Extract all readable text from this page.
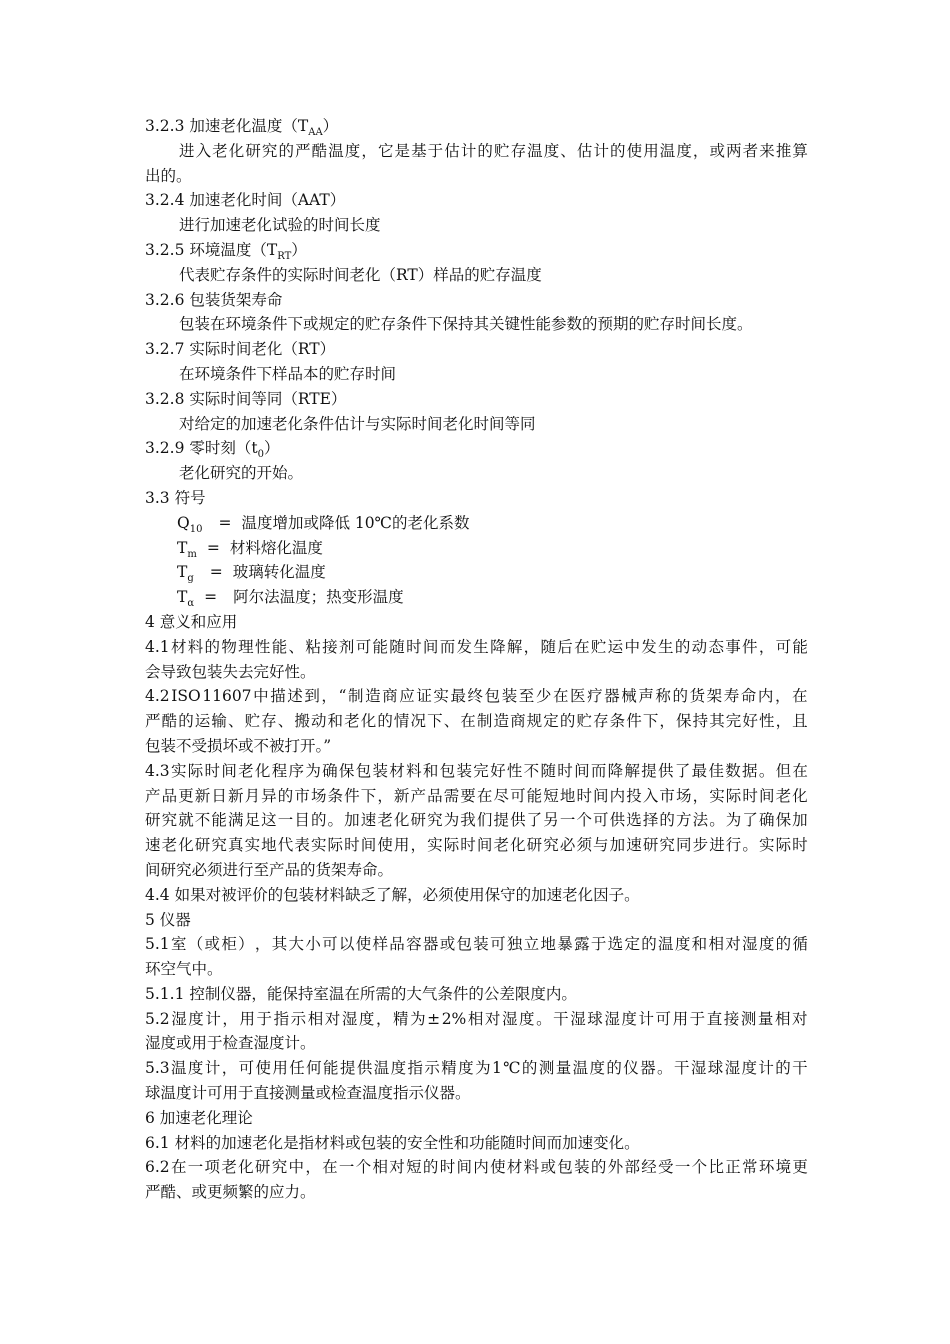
3.2.3 加速老化温度$(T_{AA})$
进 入 老 化 研 究 的 严 酷 温 度 ， 它 是 基 于 估 计 的 贮 存 温 度 、 估 计 的 使 用 温 度 ， 或 两 者 来 推 算
出的。
3.2.4 加速老化时间（AAT）
进行加速老化试验的时间长度
3.2.5 环境温度$(T_{RT})$
代表贮存条件的实际时间老化（RT）样品的贮存温度
3.2.6 包装货架寿命
包装在环境条件下或规定的贮存条件下保持其关键性能参数的预期的贮存时间长度。
3.2.7 实际时间老化（RT）
在环境条件下样品本的贮存时间
3.2.8 实际时间等同（RTE）
对给定的加速老化条件估计与实际时间老化时间等同
3.2.9 零时刻$(t_0)$
老化研究的开始。
3.3 符号
$Q_{10}$ = 温度增加或降低 10℃的老化系数
$T_m$ = 材料熔化温度
$T_g$ = 玻璃转化温度
$T_\alpha$ = 阿尔法温度；热变形温度
4 意义和应用
4.1 材 料 的 物 理 性 能 、 粘 接 剂 可 能 随 时 间 而 发 生 降 解 ， 随 后 在 贮 运 中 发 生 的 动 态 事 件 ， 可 能
会导致包装失去完好性。
4.2 ISO 11607 中 描 述 到 ， “ 制 造 商 应 证 实 最 终 包 装 至 少 在 医 疗 器 械 声 称 的 货 架 寿 命 内 ， 在
严 酷 的 运 输 、 贮 存 、 搬 动 和 老 化 的 情 况 下 、 在 制 造 商 规 定 的 贮 存 条 件 下 ， 保 持 其 完 好 性 ， 且
包装不受损坏或不被打开。”
4.3 实 际 时 间 老 化 程 序 为 确 保 包 装 材 料 和 包 装 完 好 性 不 随 时 间 而 降 解 提 供 了 最 佳 数 据 。 但 在
产 品 更 新 日 新 月 异 的 市 场 条 件 下 ， 新 产 品 需 要 在 尽 可 能 短 地 时 间 内 投 入 市 场 ， 实 际 时 间 老 化
研 究 就 不 能 满 足 这 一 目 的 。 加 速 老 化 研 究 为 我 们 提 供 了 另 一 个 可 供 选 择 的 方 法 。 为 了 确 保 加
速 老 化 研 究 真 实 地 代 表 实 际 时 间 使 用 ， 实 际 时 间 老 化 研 究 必 须 与 加 速 研 究 同 步 进 行 。 实 际 时
间研究必须进行至产品的货架寿命。
4.4 如果对被评价的包装材料缺乏了解，必须使用保守的加速老化因子。
5 仪器
5.1 室 （ 或 柜 ） ， 其 大 小 可 以 使 样 品 容 器 或 包 装 可 独 立 地 暴 露 于 选 定 的 温 度 和 相 对 湿 度 的 循
环空气中。
5.1.1 控制仪器，能保持室温在所需的大气条件的公差限度内。
5.2 湿 度 计 ， 用 于 指 示 相 对 湿 度 ， 精 为 ± 2% 相 对 湿 度 。 干 湿 球 湿 度 计 可 用 于 直 接 测 量 相 对
湿度或用于检查湿度计。
5.3 温 度 计 ， 可 使 用 任 何 能 提 供 温 度 指 示 精 度 为 1 ℃ 的 测 量 温 度 的 仪 器 。 干 湿 球 湿 度 计 的 干
球温度计可用于直接测量或检查温度指示仪器。
6 加速老化理论
6.1 材料的加速老化是指材料或包装的安全性和功能随时间而加速变化。
6.2 在 一 项 老 化 研 究 中 ， 在 一 个 相 对 短 的 时 间 内 使 材 料 或 包 装 的 外 部 经 受 一 个 比 正 常 环 境 更
严酷、或更频繁的应力。
